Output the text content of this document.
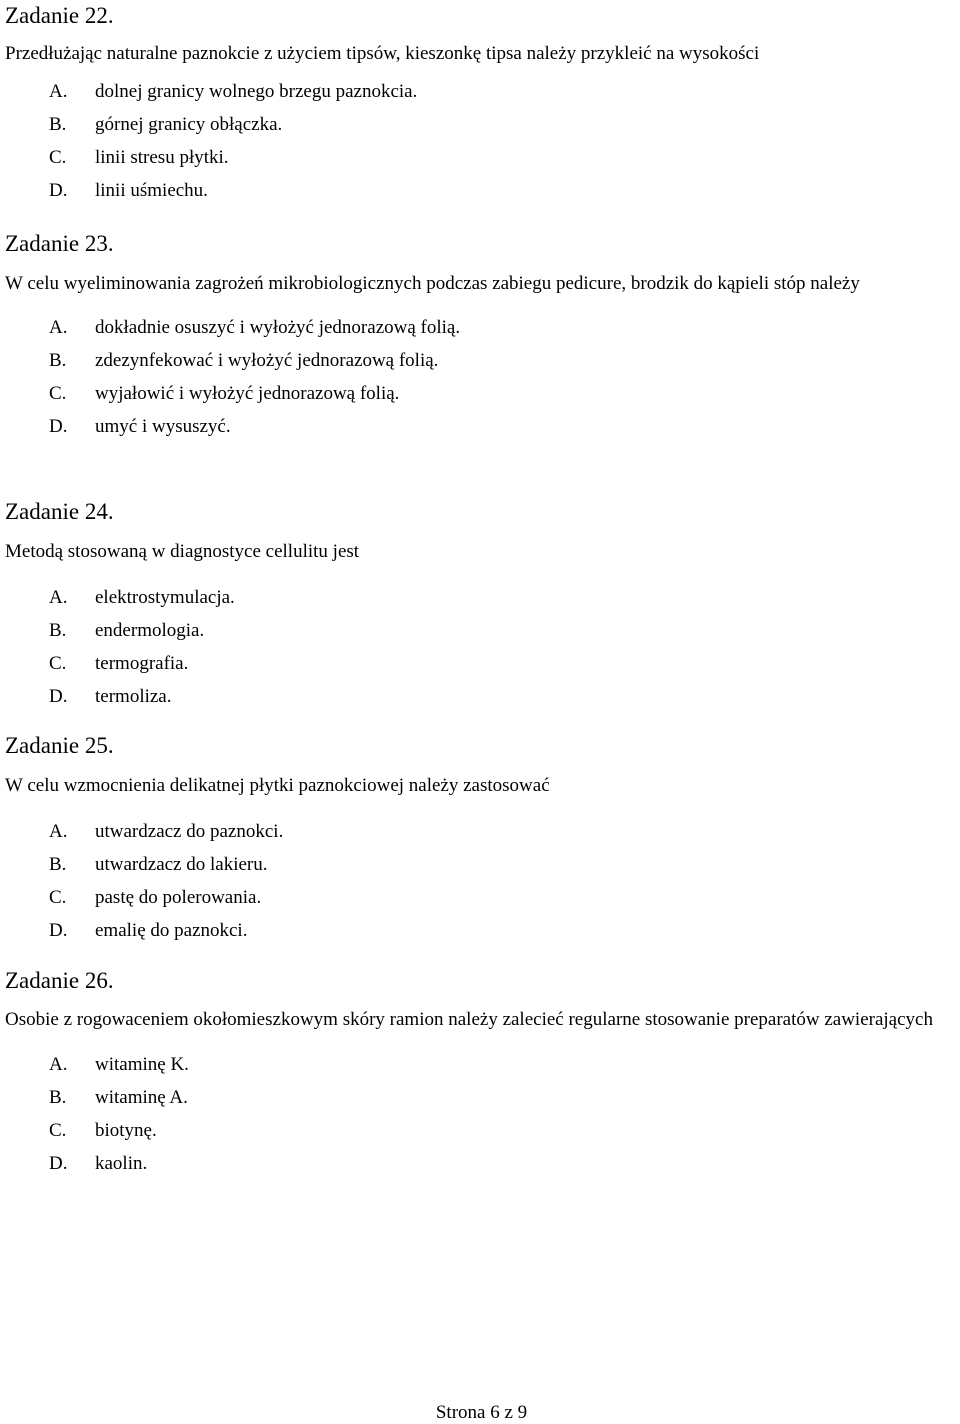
Zadanie 22.

Przedłużając naturalne paznokcie z użyciem tipsów, kieszonkę tipsa należy przykleić na wysokości

A. dolnej granicy wolnego brzegu paznokcia.
B. górnej granicy obłączka.
C. linii stresu płytki.
D. linii uśmiechu.
Zadanie 23.

W celu wyeliminowania zagrożeń mikrobiologicznych podczas zabiegu pedicure, brodzik do kąpieli stóp należy

A. dokładnie osuszyć i wyłożyć jednorazową folią.
B. zdezynfekować i wyłożyć jednorazową folią.
C. wyjałowić i wyłożyć jednorazową folią.
D. umyć i wysuszyć.
Zadanie 24.

Metodą stosowaną w diagnostyce cellulitu jest

A. elektrostymulacja.
B. endermologia.
C. termografia.
D. termoliza.
Zadanie 25.

W celu wzmocnienia delikatnej płytki paznokciowej należy zastosować

A. utwardzacz do paznokci.
B. utwardzacz do lakieru.
C. pastę do polerowania.
D. emalię do paznokci.
Zadanie 26.

Osobie z rogowaceniem okołomieszkowym skóry ramion należy zalecieć regularne stosowanie preparatów zawierających

A. witaminę K.
B. witaminę A.
C. biotynę.
D. kaolin.
Strona 6 z 9
